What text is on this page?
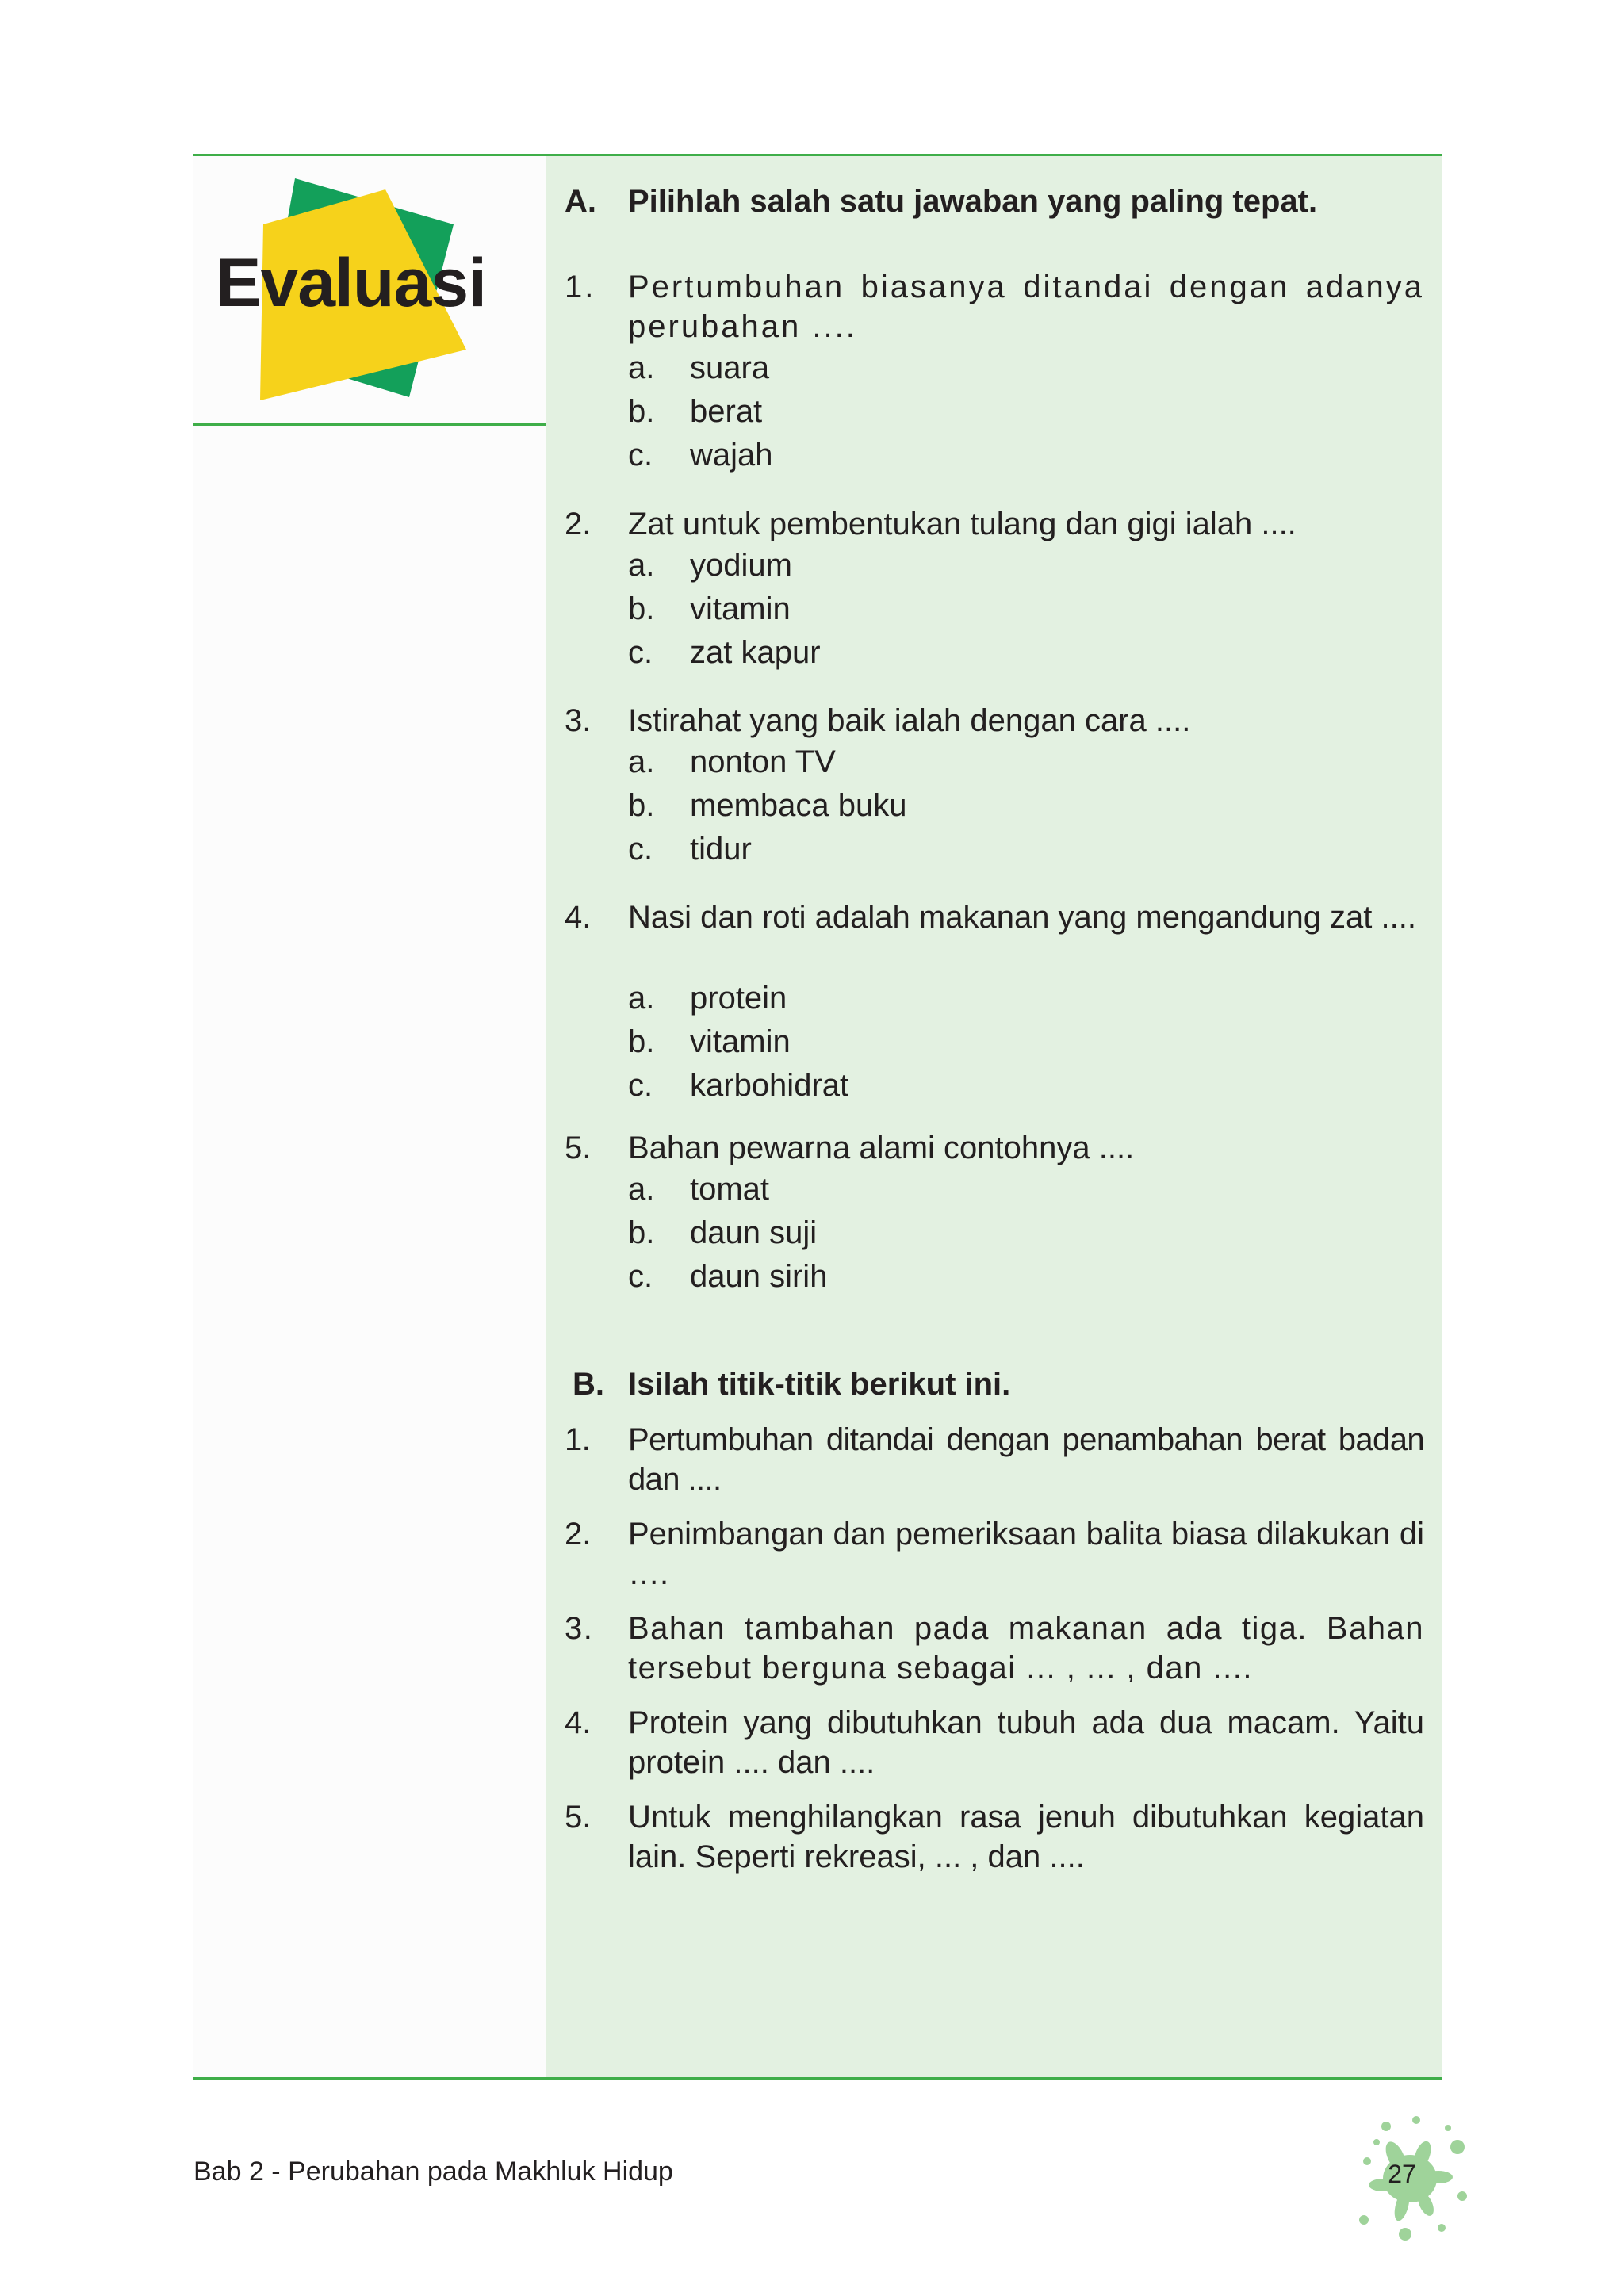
Evaluasi
A. Pilihlah salah satu jawaban yang paling tepat.
1. Pertumbuhan biasanya ditandai dengan adanya perubahan ....
a. suara
b. berat
c. wajah
2. Zat untuk pembentukan tulang dan gigi ialah ....
a. yodium
b. vitamin
c. zat kapur
3. Istirahat yang baik ialah dengan cara ....
a. nonton TV
b. membaca buku
c. tidur
4. Nasi dan roti adalah makanan yang mengandung zat ....
a. protein
b. vitamin
c. karbohidrat
5. Bahan pewarna alami contohnya ....
a. tomat
b. daun suji
c. daun sirih
B. Isilah titik-titik berikut ini.
1. Pertumbuhan ditandai dengan penambahan berat badan dan ....
2. Penimbangan dan pemeriksaan balita biasa dilakukan di ….
3. Bahan tambahan pada makanan ada tiga. Bahan tersebut berguna sebagai ... , ... , dan ....
4. Protein yang dibutuhkan tubuh ada dua macam. Yaitu protein .... dan ....
5. Untuk menghilangkan rasa jenuh dibutuhkan kegiatan lain. Seperti rekreasi, ... , dan ....
Bab 2 - Perubahan pada Makhluk Hidup	27
